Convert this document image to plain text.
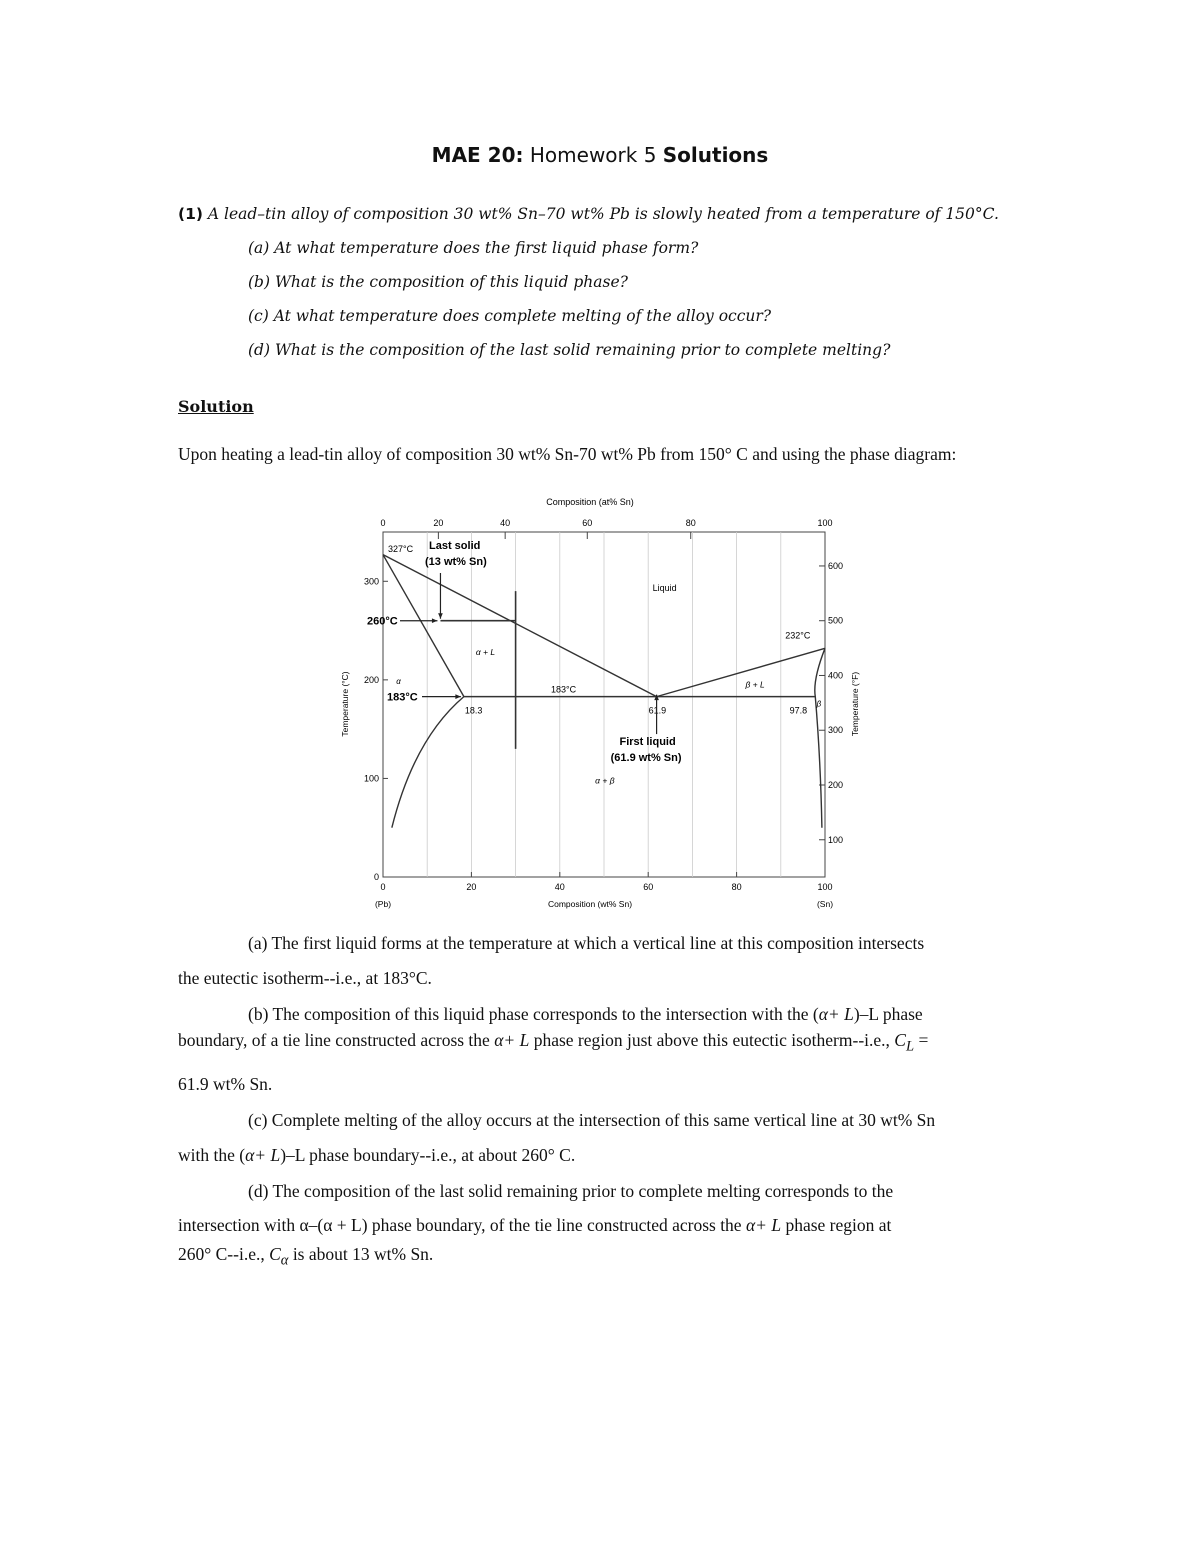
MAE 20: Homework 5 Solutions
(1) A lead–tin alloy of composition 30 wt% Sn–70 wt% Pb is slowly heated from a temperature of 150°C.
(a) At what temperature does the first liquid phase form?
(b) What is the composition of this liquid phase?
(c) At what temperature does complete melting of the alloy occur?
(d) What is the composition of the last solid remaining prior to complete melting?
Solution
Upon heating a lead-tin alloy of composition 30 wt% Sn-70 wt% Pb from 150° C and using the phase diagram:
Composition (at% Sn)
0	20	40	60	80	100
0	20	40	60	80	100
0
100
200
300
100
200
300
400
500
600
327°C Last solid
(13 wt% Sn)
260°C
183°C
18.3
183°C
61.9	97.8
232°C
Liquid
α + L
β + L
α + β
α
β
First liquid
(61.9 wt% Sn)
Composition (wt% Sn)
(Pb)	(Sn)
Temperature (°C)	Temperature (°F)
(a) The first liquid forms at the temperature at which a vertical line at this composition intersects
the eutectic isotherm--i.e., at 183°C.
(b) The composition of this liquid phase corresponds to the intersection with the (α+ L)–L phase
boundary, of a tie line constructed across the α+ L phase region just above this eutectic isotherm--i.e., $C_L$ =
61.9 wt% Sn.
(c) Complete melting of the alloy occurs at the intersection of this same vertical line at 30 wt% Sn
with the (α+ L)–L phase boundary--i.e., at about 260° C.
(d) The composition of the last solid remaining prior to complete melting corresponds to the
intersection with α–(α + L) phase boundary, of the tie line constructed across the α+ L phase region at
260° C--i.e., $C_\alpha$ is about 13 wt% Sn.
